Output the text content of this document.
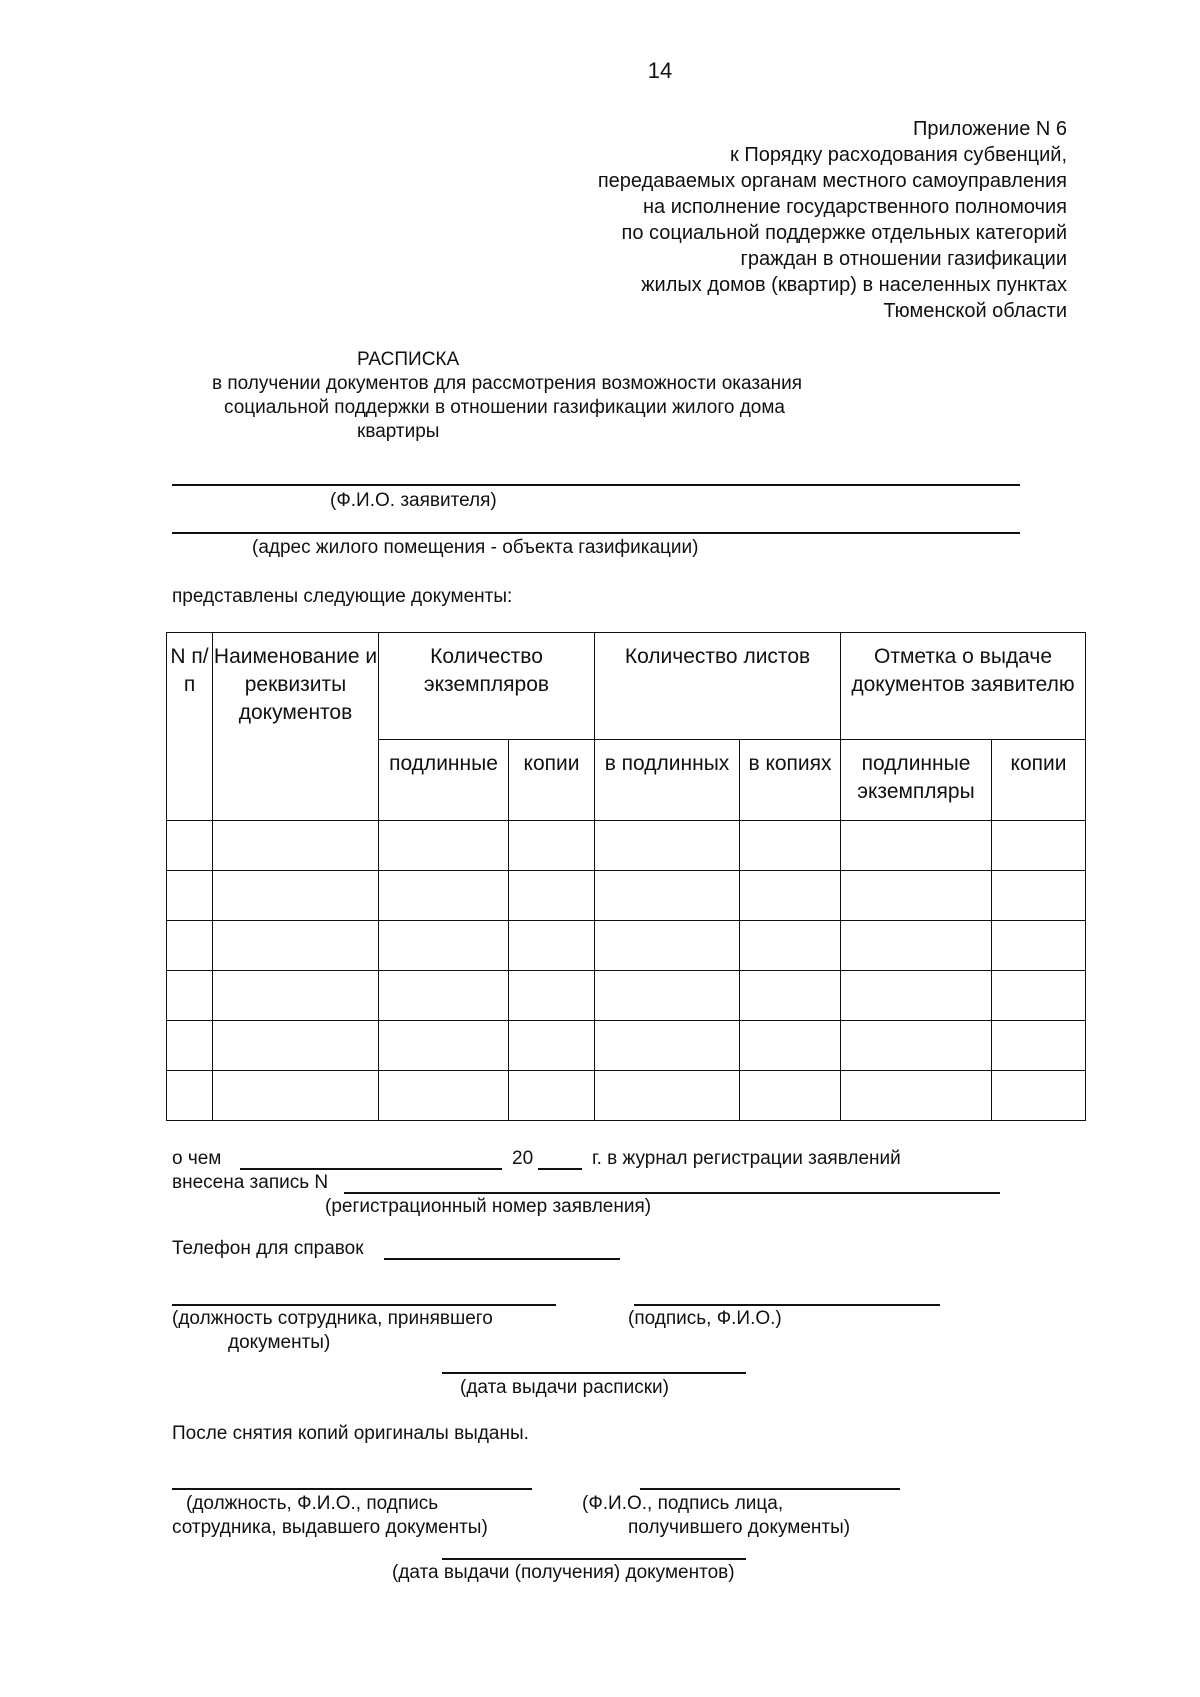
14
Приложение N 6
к Порядку расходования субвенций,
передаваемых органам местного самоуправления
на исполнение государственного полномочия
по социальной поддержке отдельных категорий
граждан в отношении газификации
жилых домов (квартир) в населенных пунктах
Тюменской области
РАСПИСКА
в получении документов для рассмотрения возможности оказания
социальной поддержки в отношении газификации жилого дома
квартиры
(Ф.И.О. заявителя)
(адрес жилого помещения - объекта газификации)
представлены следующие документы:
N п/п	Наименование и реквизиты документов	Количество экземпляров		Количество листов		Отметка о выдаче документов заявителю	
		подлинные	копии	в подлинных	в копиях	подлинные экземпляры	копии

о чем	20	г. в журнал регистрации заявлений
внесена запись N
(регистрационный номер заявления)
Телефон для справок
(должность сотрудника, принявшего
документы)
(подпись, Ф.И.О.)
(дата выдачи расписки)
После снятия копий оригиналы выданы.
(должность, Ф.И.О., подпись
сотрудника, выдавшего документы)
(Ф.И.О., подпись лица,
получившего документы)
(дата выдачи (получения) документов)
